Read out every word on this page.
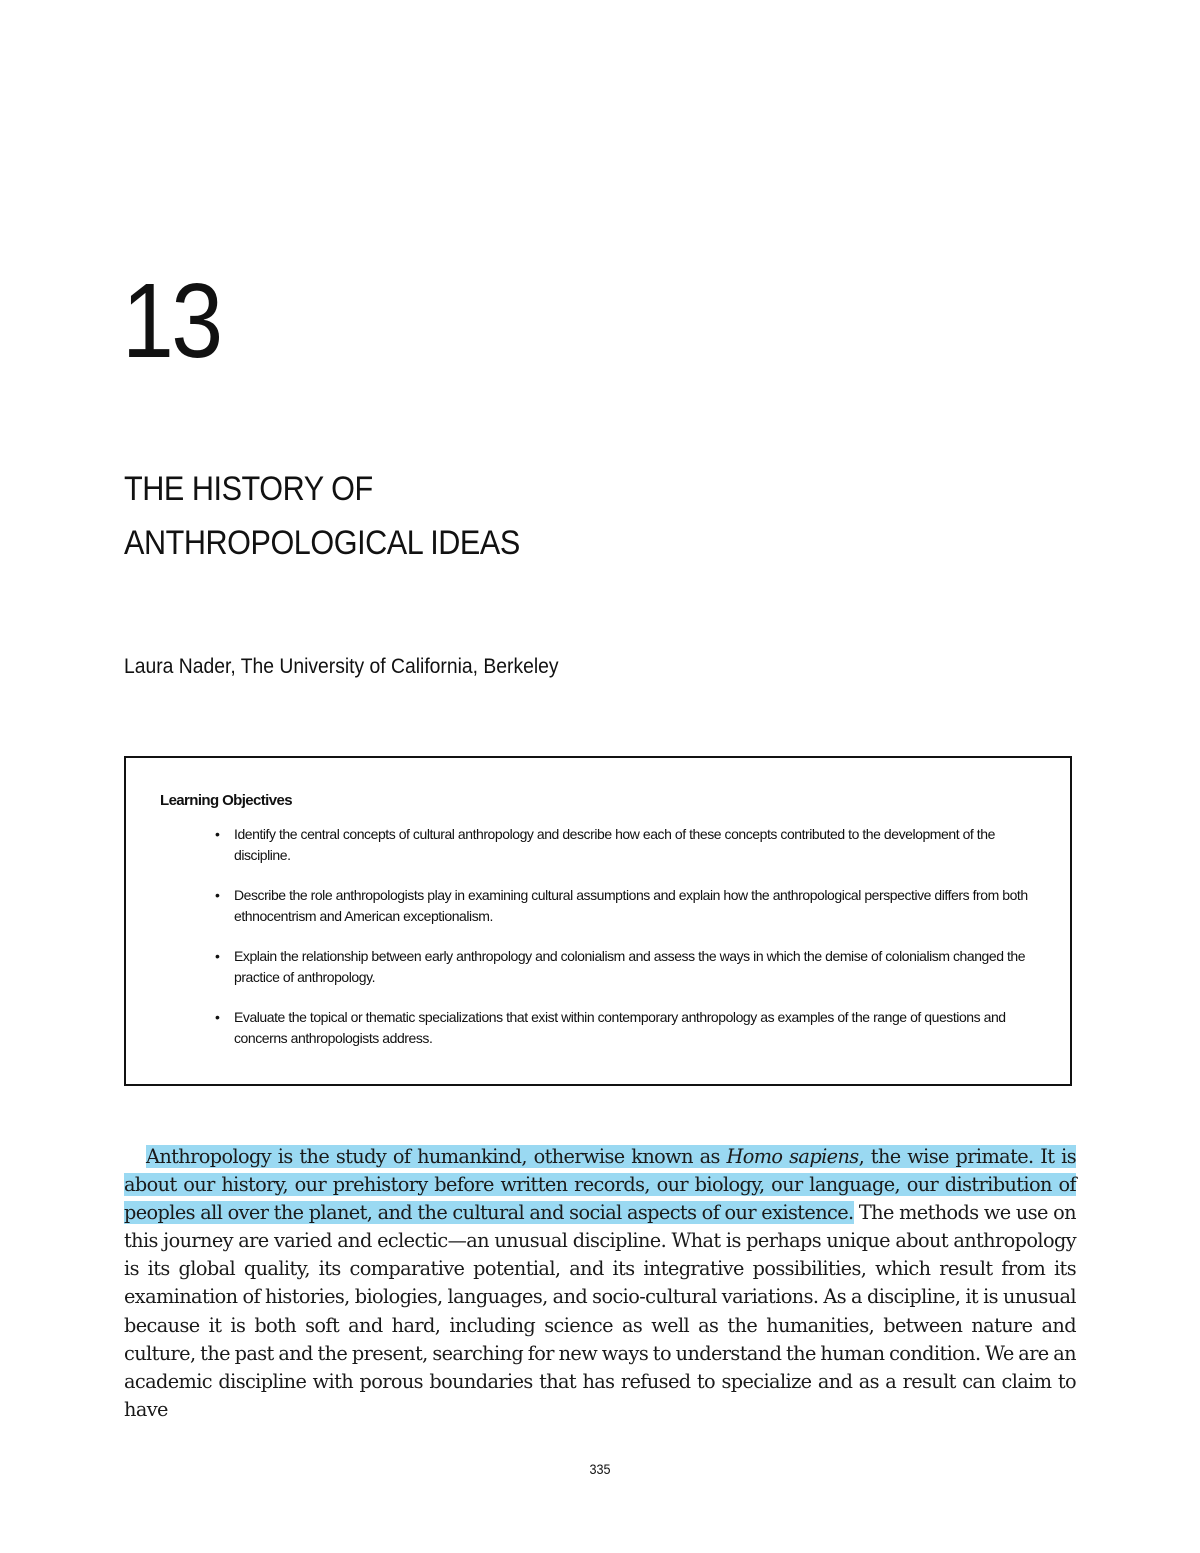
13
THE HISTORY OF
ANTHROPOLOGICAL IDEAS
Laura Nader, The University of California, Berkeley
Learning Objectives
• Identify the central concepts of cultural anthropology and describe how each of these concepts contributed to the development of the discipline.
• Describe the role anthropologists play in examining cultural assumptions and explain how the anthropological perspective differs from both ethnocentrism and American exceptionalism.
• Explain the relationship between early anthropology and colonialism and assess the ways in which the demise of colonialism changed the practice of anthropology.
• Evaluate the topical or thematic specializations that exist within contemporary anthropology as examples of the range of questions and concerns anthropologists address.

Anthropology is the study of humankind, otherwise known as Homo sapiens, the wise primate. It is about our history, our prehistory before written records, our biology, our language, our distribution of peoples all over the planet, and the cultural and social aspects of our existence. The methods we use on this journey are varied and eclectic—an unusual discipline. What is perhaps unique about anthropology is its global quality, its comparative potential, and its integrative possibilities, which result from its examination of histories, biologies, languages, and socio-cultural variations. As a discipline, it is unusual because it is both soft and hard, including science as well as the humanities, between nature and culture, the past and the present, searching for new ways to understand the human condition. We are an academic discipline with porous boundaries that has refused to specialize and as a result can claim to have

335
